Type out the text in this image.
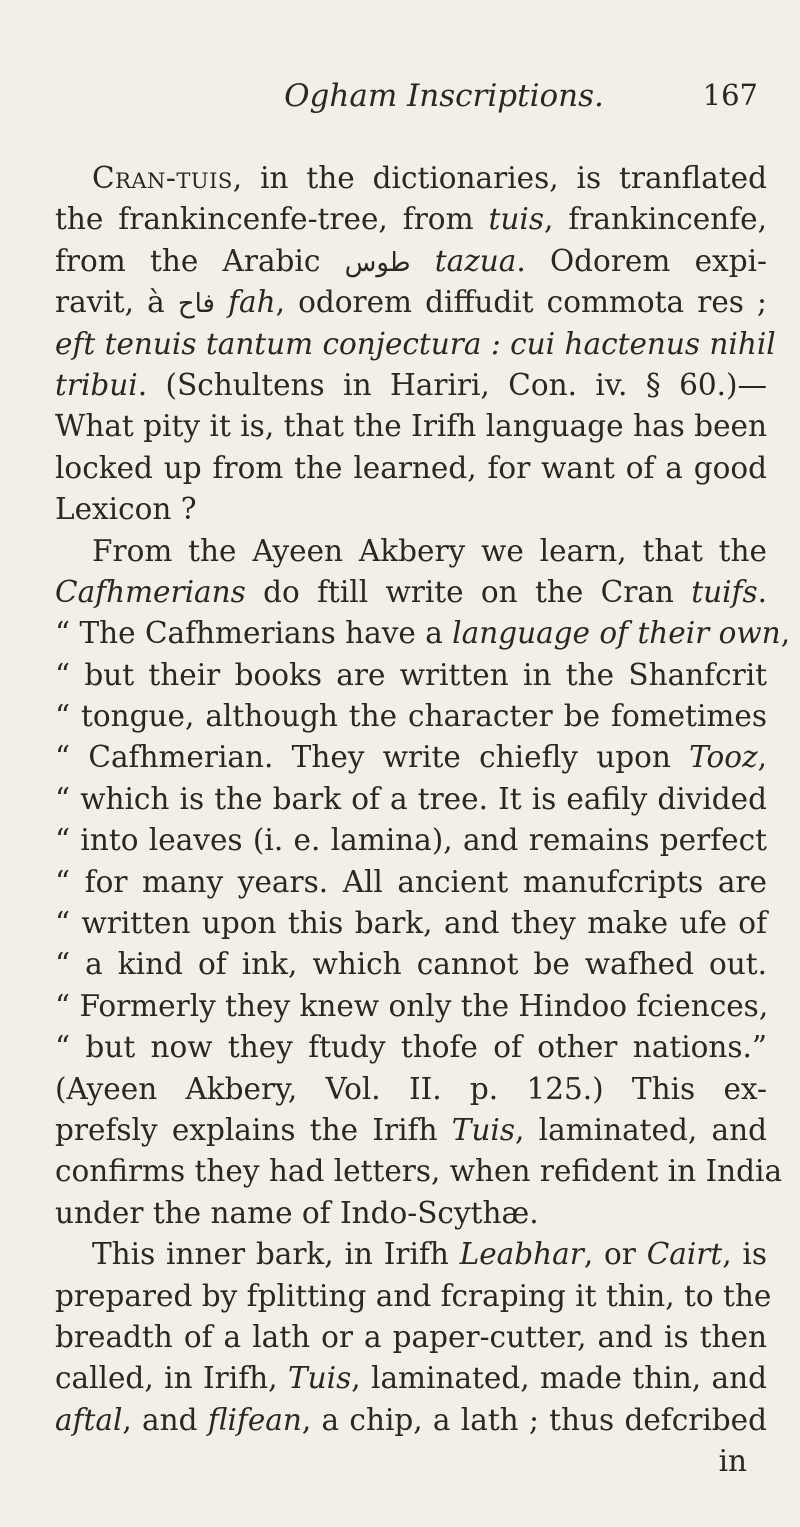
Ogham Inscriptions.	167
Cran-tuis, in the dictionaries, is tranflated
the frankincenfe-tree, from tuis, frankincenfe,
from the Arabic طوس tazua. Odorem expi-
ravit, à فاح fah, odorem diffudit commota res ;
eft tenuis tantum conjectura : cui hactenus nihil
tribui. (Schultens in Hariri, Con. iv. § 60.)—
What pity it is, that the Irifh language has been
locked up from the learned, for want of a good
Lexicon ?
From the Ayeen Akbery we learn, that the
Cafhmerians do ftill write on the Cran tuifs.
“ The Cafhmerians have a language of their own,
“ but their books are written in the Shanfcrit
“ tongue, although the character be fometimes
“ Cafhmerian. They write chiefly upon Tooz,
“ which is the bark of a tree. It is eafily divided
“ into leaves (i. e. lamina), and remains perfect
“ for many years. All ancient manufcripts are
“ written upon this bark, and they make ufe of
“ a kind of ink, which cannot be wafhed out.
“ Formerly they knew only the Hindoo fciences,
“ but now they ftudy thofe of other nations.”
(Ayeen Akbery, Vol. II. p. 125.) This ex-
prefsly explains the Irifh Tuis, laminated, and
confirms they had letters, when refident in India
under the name of Indo-Scythæ.
This inner bark, in Irifh Leabhar, or Cairt, is
prepared by fplitting and fcraping it thin, to the
breadth of a lath or a paper-cutter, and is then
called, in Irifh, Tuis, laminated, made thin, and
aftal, and flifean, a chip, a lath ; thus defcribed
in
